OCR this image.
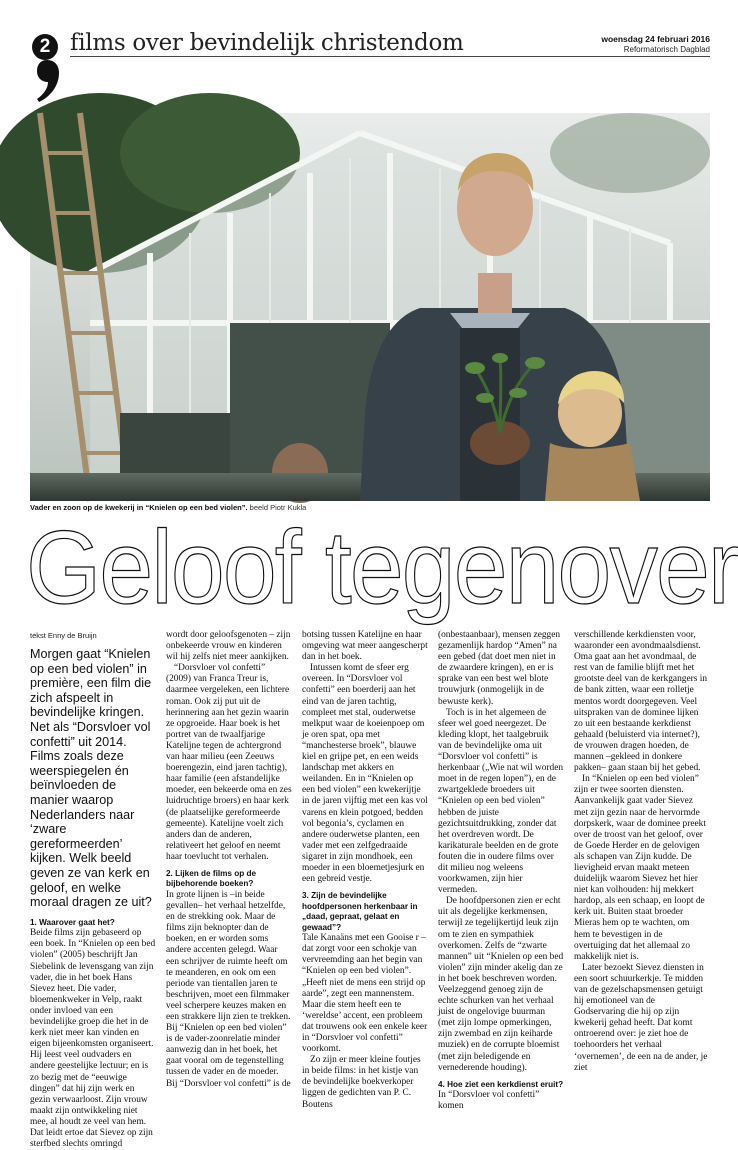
2 films over bevindelijk christendom	woensdag 24 februari 2016
Reformatorisch Dagblad
Vader en zoon op de kwekerij in “Knielen op een bed violen”. beeld Piotr Kukla
Geloof tegenover
tekst Enny de Bruijn

Morgen gaat “Knielen op een bed violen” in première, een film die zich afspeelt in bevindelijke kringen. Net als “Dorsvloer vol confetti” uit 2014. Films zoals deze weerspiegelen én beïnvloeden de manier waarop Nederlanders naar ‘zware gereformeerden’ kijken. Welk beeld geven ze van kerk en geloof, en welke moraal dragen ze uit?

1. Waarover gaat het?

Beide films zijn gebaseerd op een boek. In “Knielen op een bed violen” (2005) beschrijft Jan Siebelink de levensgang van zijn vader, die in het boek Hans Sievez heet. Die vader, bloemenkweker in Velp, raakt onder invloed van een bevindelijke groep die het in de kerk niet meer kan vinden en eigen bijeenkomsten organiseert. Hij leest veel oudvaders en andere geestelijke lectuur; en is zo bezig met de “eeuwige dingen” dat hij zijn werk en gezin verwaarloost. Zijn vrouw maakt zijn ontwikkeling niet mee, al houdt ze veel van hem. Dat leidt ertoe dat Sievez op zijn sterfbed slechts omringd

wordt door geloofsgenoten – zijn onbekeerde vrouw en kinderen wil hij zelfs niet meer aankijken.

“Dorsvloer vol confetti” (2009) van Franca Treur is, daarmee vergeleken, een lichtere roman. Ook zij put uit de herinnering aan het gezin waarin ze opgroeide. Haar boek is het portret van de twaalfjarige Katelijne tegen de achtergrond van haar milieu (een Zeeuws boerengezin, eind jaren tachtig), haar familie (een afstandelijke moeder, een bekeerde oma en zes luidruchtige broers) en haar kerk (de plaatselijke gereformeerde gemeente). Katelijne voelt zich anders dan de anderen, relativeert het geloof en neemt haar toevlucht tot verhalen.

2. Lijken de films op de bijbehorende boeken?

In grote lijnen is –in beide gevallen– het verhaal hetzelfde, en de strekking ook. Maar de films zijn beknopter dan de boeken, en er worden soms andere accenten gelegd. Waar een schrijver de ruimte heeft om te meanderen, en ook om een periode van tientallen jaren te beschrijven, moet een filmmaker veel scherpere keuzes maken en een strakkere lijn zien te trekken. Bij “Knielen op een bed violen” is de vader-zoonrelatie minder aanwezig dan in het boek, het gaat vooral om de tegenstelling tussen de vader en de moeder. Bij “Dorsvloer vol confetti” is de

botsing tussen Katelijne en haar omgeving wat meer aangescherpt dan in het boek.

Intussen komt de sfeer erg overeen. In “Dorsvloer vol confetti” een boerderij aan het eind van de jaren tachtig, compleet met stal, ouderwetse melkput waar de koeienpoep om je oren spat, opa met “manchesterse broek”, blauwe kiel en grijpe pet, en een weids landschap met akkers en weilanden. En in “Knielen op een bed violen” een kwekerijtje in de jaren vijftig met een kas vol varens en klein potgoed, bedden vol begonia’s, cyclamen en andere ouderwetse planten, een vader met een zelfgedraaide sigaret in zijn mondhoek, een moeder in een bloemetjesjurk en een gebreid vestje.

3. Zijn de bevindelijke hoofdpersonen herkenbaar in „daad, gepraat, gelaat en gewaad”?

Tale Kanaäns met een Gooise r – dat zorgt voor een schokje van vervreemding aan het begin van “Knielen op een bed violen”. „Heeft niet de mens een strijd op aarde”, zegt een mannenstem. Maar die stem heeft een te ‘wereldse’ accent, een probleem dat trouwens ook een enkele keer in “Dorsvloer vol confetti” voorkomt.

Zo zijn er meer kleine foutjes in beide films: in het kistje van de bevindelijke boekverkoper liggen de gedichten van P. C. Boutens

(onbestaanbaar), mensen zeggen gezamenlijk hardop “Amen” na een gebed (dat doet men niet in de zwaardere kringen), en er is sprake van een best wel blote trouwjurk (onmogelijk in de bewuste kerk).

Toch is in het algemeen de sfeer wel goed neergezet. De kleding klopt, het taalgebruik van de bevindelijke oma uit “Dorsvloer vol confetti” is herkenbaar („Wie nat wil worden moet in de regen lopen”), en de zwartgeklede broeders uit “Knielen op een bed violen” hebben de juiste gezichtsuitdrukking, zonder dat het overdreven wordt. De karikaturale beelden en de grote fouten die in oudere films over dit milieu nog weleens voorkwamen, zijn hier vermeden.

De hoofdpersonen zien er echt uit als degelijke kerkmensen, terwijl ze tegelijkertijd leuk zijn om te zien en sympathiek overkomen. Zelfs de “zwarte mannen” uit “Knielen op een bed violen” zijn minder akelig dan ze in het boek beschreven worden. Veelzeggend genoeg zijn de echte schurken van het verhaal juist de ongelovige buurman (met zijn lompe opmerkingen, zijn zwembad en zijn keiharde muziek) en de corrupte bloemist (met zijn beledigende en vernederende houding).

4. Hoe ziet een kerkdienst eruit?

In “Dorsvloer vol confetti” komen

verschillende kerkdiensten voor, waaronder een avondmaalsdienst. Oma gaat aan het avondmaal, de rest van de familie blijft met het grootste deel van de kerkgangers in de bank zitten, waar een rolletje mentos wordt doorgegeven. Veel uitspraken van de dominee lijken zo uit een bestaande kerkdienst gehaald (beluisterd via internet?), de vrouwen dragen hoeden, de mannen –gekleed in donkere pakken– gaan staan bij het gebed.

In “Knielen op een bed violen” zijn er twee soorten diensten. Aanvankelijk gaat vader Sievez met zijn gezin naar de hervormde dorpskerk, waar de dominee preekt over de troost van het geloof, over de Goede Herder en de gelovigen als schapen van Zijn kudde. De lievigheid ervan maakt meteen duidelijk waarom Sievez het hier niet kan volhouden: hij mekkert hardop, als een schaap, en loopt de kerk uit. Buiten staat broeder Mieras hem op te wachten, om hem te bevestigen in de overtuiging dat het allemaal zo makkelijk niet is.

Later bezoekt Sievez diensten in een soort schuurkerkje. Te midden van de gezelschapsmensen getuigt hij emotioneel van de Godservaring die hij op zijn kwekerij gehad heeft. Dat komt ontroerend over: je ziet hoe de toehoorders het verhaal ‘overnemen’, de een na de ander, je ziet
